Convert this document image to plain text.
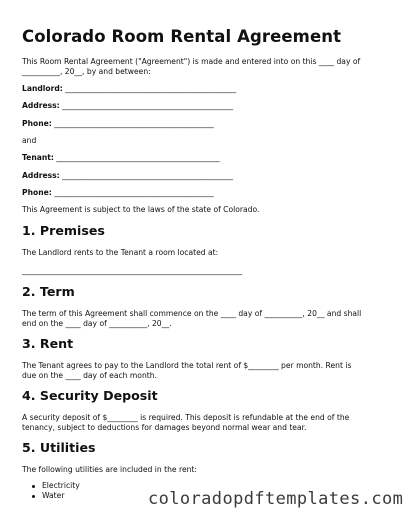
Colorado Room Rental Agreement
This Room Rental Agreement ("Agreement") is made and entered into on this ____ day of
__________, 20__, by and between:
Landlord: _____________________________________________
Address: _____________________________________________
Phone: __________________________________________
and
Tenant: ___________________________________________
Address: _____________________________________________
Phone: __________________________________________
This Agreement is subject to the laws of the state of Colorado.
1. Premises
The Landlord rents to the Tenant a room located at:
__________________________________________________________
2. Term
The term of this Agreement shall commence on the ____ day of __________, 20__ and shall
end on the ____ day of __________, 20__.
3. Rent
The Tenant agrees to pay to the Landlord the total rent of $________ per month. Rent is
due on the ____ day of each month.
4. Security Deposit
A security deposit of $________ is required. This deposit is refundable at the end of the
tenancy, subject to deductions for damages beyond normal wear and tear.
5. Utilities
The following utilities are included in the rent:
Electricity
Water	coloradopdftemplates.com
